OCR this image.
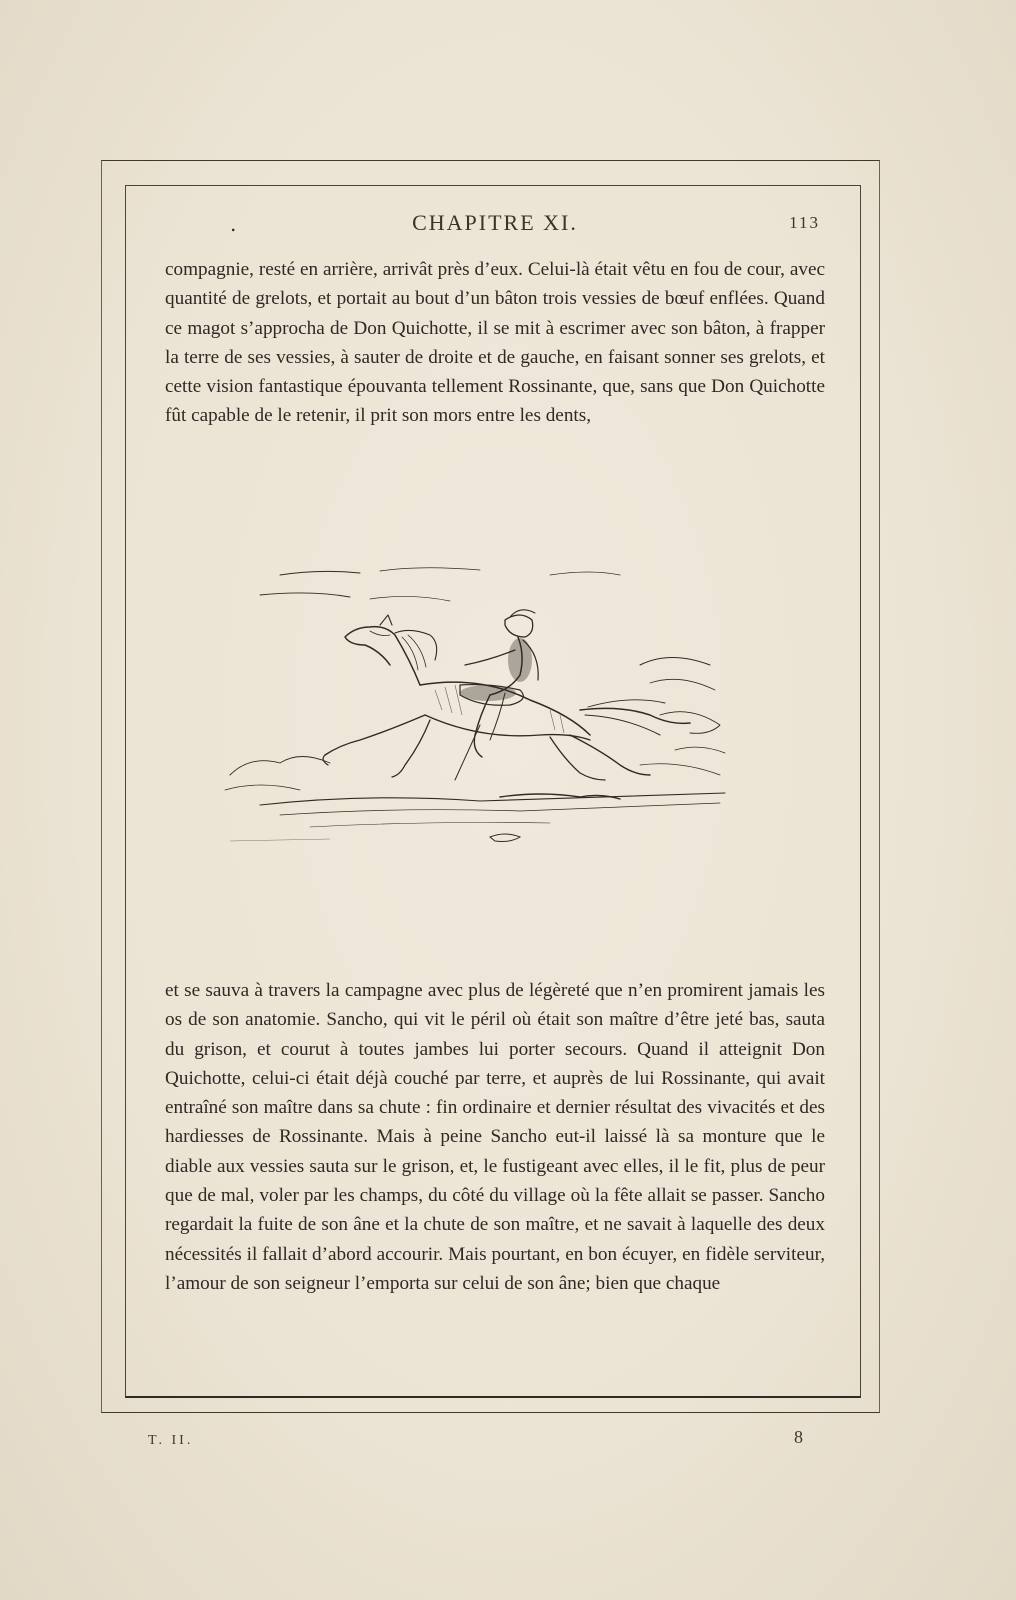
.	CHAPITRE XI.	113

compagnie, resté en arrière, arrivât près d’eux. Celui-là était vêtu en fou de cour, avec quantité de grelots, et portait au bout d’un bâton trois vessies de bœuf enflées. Quand ce magot s’approcha de Don Quichotte, il se mit à escrimer avec son bâton, à frapper la terre de ses vessies, à sauter de droite et de gauche, en faisant sonner ses grelots, et cette vision fantastique épouvanta tellement Rossinante, que, sans que Don Quichotte fût capable de le retenir, il prit son mors entre les dents,

et se sauva à travers la campagne avec plus de légèreté que n’en promirent jamais les os de son anatomie. Sancho, qui vit le péril où était son maître d’être jeté bas, sauta du grison, et courut à toutes jambes lui porter secours. Quand il atteignit Don Quichotte, celui-ci était déjà couché par terre, et auprès de lui Rossinante, qui avait entraîné son maître dans sa chute : fin ordinaire et dernier résultat des vivacités et des hardiesses de Rossinante. Mais à peine Sancho eut-il laissé là sa monture que le diable aux vessies sauta sur le grison, et, le fustigeant avec elles, il le fit, plus de peur que de mal, voler par les champs, du côté du village où la fête allait se passer. Sancho regardait la fuite de son âne et la chute de son maître, et ne savait à laquelle des deux nécessités il fallait d’abord accourir. Mais pourtant, en bon écuyer, en fidèle serviteur, l’amour de son seigneur l’emporta sur celui de son âne; bien que chaque

T. II.	8
